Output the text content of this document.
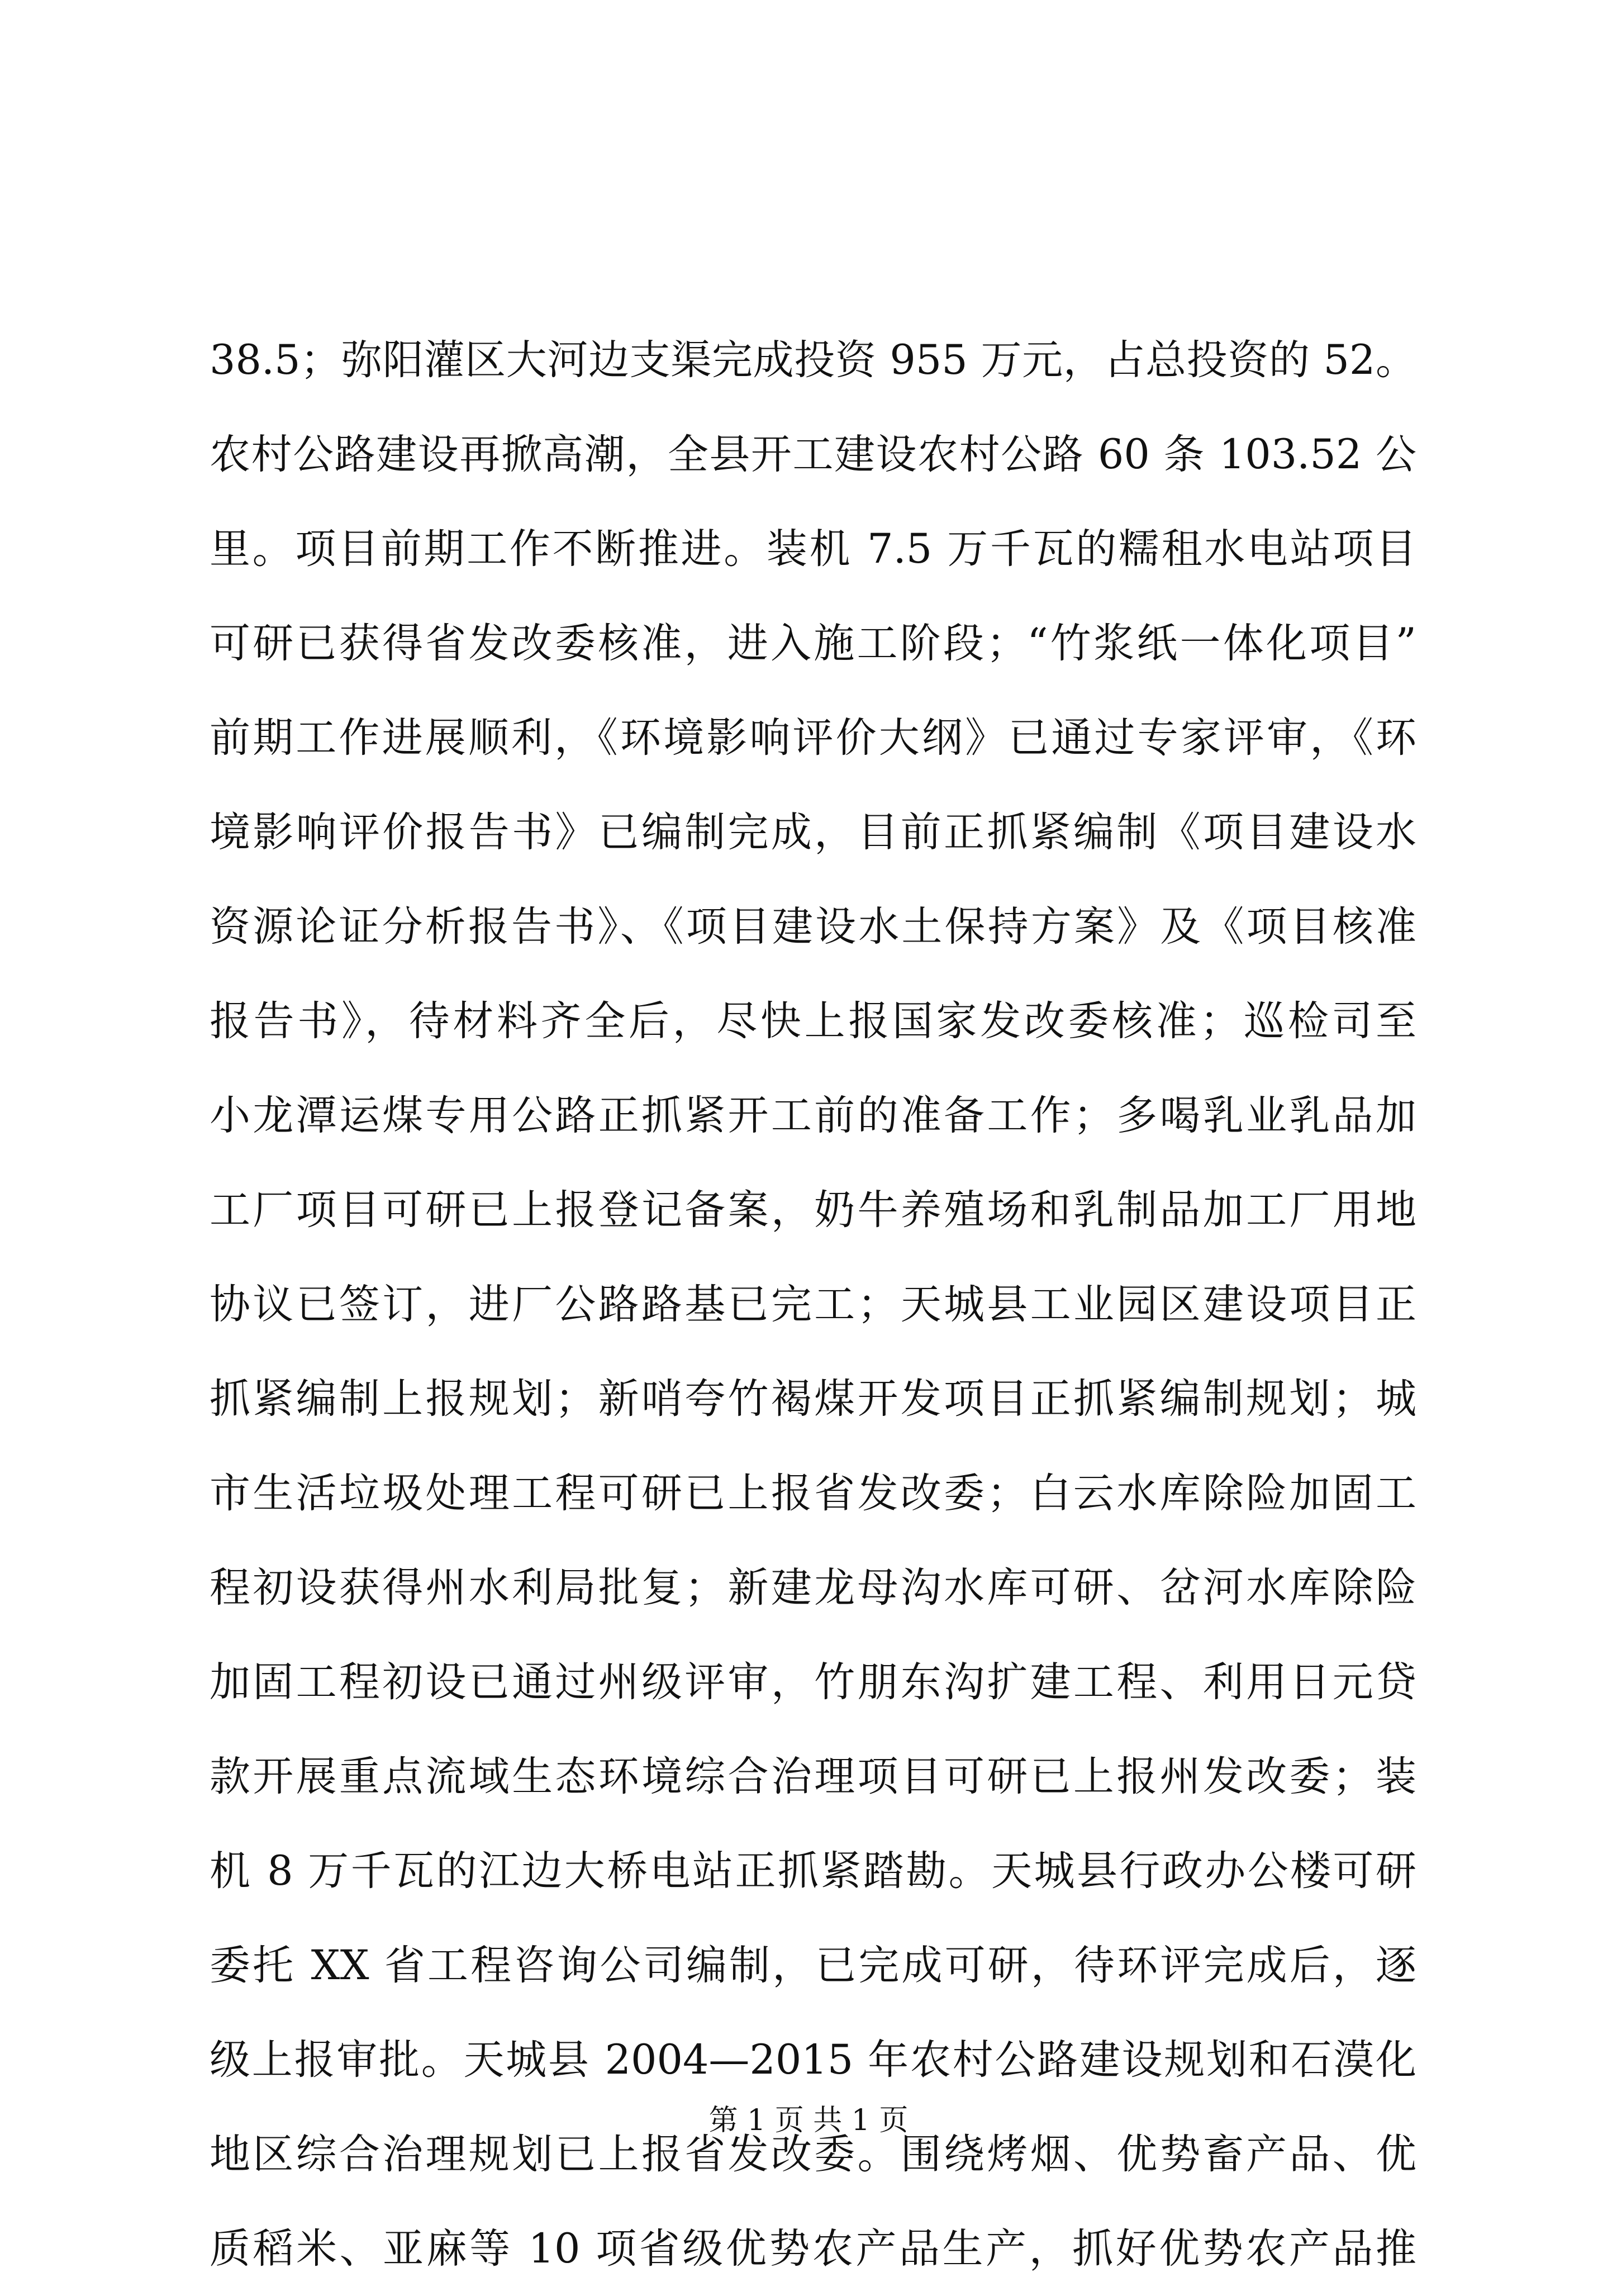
38.5；弥阳灌区大河边支渠完成投资 955 万元，占总投资的 52。
农村公路建设再掀高潮，全县开工建设农村公路 60 条 103.52 公
里。项目前期工作不断推进。装机 7.5 万千瓦的糯租水电站项目
可研已获得省发改委核准，进入施工阶段；“竹浆纸一体化项目”
前期工作进展顺利，《环境影响评价大纲》已通过专家评审，《环
境影响评价报告书》已编制完成，目前正抓紧编制《项目建设水
资源论证分析报告书》、《项目建设水土保持方案》及《项目核准
报告书》，待材料齐全后，尽快上报国家发改委核准；巡检司至
小龙潭运煤专用公路正抓紧开工前的准备工作；多喝乳业乳品加
工厂项目可研已上报登记备案，奶牛养殖场和乳制品加工厂用地
协议已签订，进厂公路路基已完工；天城县工业园区建设项目正
抓紧编制上报规划；新哨夸竹褐煤开发项目正抓紧编制规划；城
市生活垃圾处理工程可研已上报省发改委；白云水库除险加固工
程初设获得州水利局批复；新建龙母沟水库可研、岔河水库除险
加固工程初设已通过州级评审，竹朋东沟扩建工程、利用日元贷
款开展重点流域生态环境综合治理项目可研已上报州发改委；装
机 8 万千瓦的江边大桥电站正抓紧踏勘。天城县行政办公楼可研
委托 XX 省工程咨询公司编制，已完成可研，待环评完成后，逐
级上报审批。天城县 2004—2015 年农村公路建设规划和石漠化
地区综合治理规划已上报省发改委。围绕烤烟、优势畜产品、优
质稻米、亚麻等 10 项省级优势农产品生产，抓好优势农产品推
第 1 页 共 1 页
